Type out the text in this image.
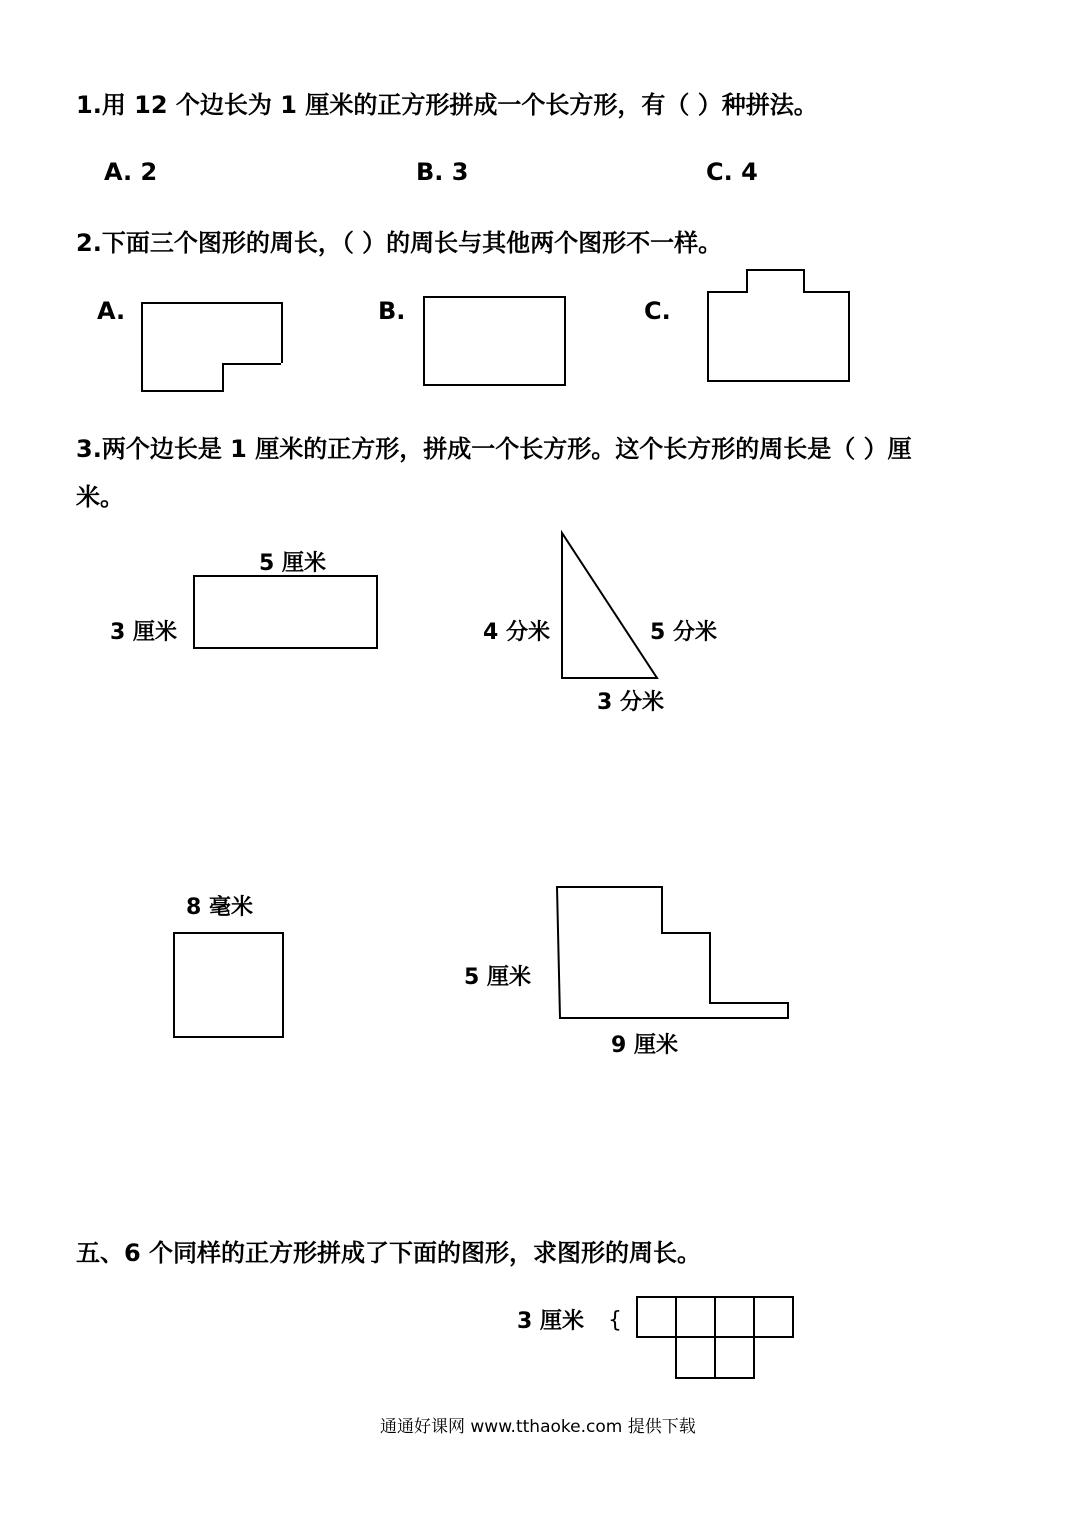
1.用 12 个边长为 1 厘米的正方形拼成一个长方形，有（ ）种拼法。
A. 2	B. 3	C. 4
2.下面三个图形的周长，（ ）的周长与其他两个图形不一样。
A.	B.	C.
3.两个边长是 1 厘米的正方形，拼成一个长方形。这个长方形的周长是（ ）厘
米。
5 厘米
3 厘米	4 分米	5 分米
3 分米
8 毫米
5 厘米
9 厘米
五、6 个同样的正方形拼成了下面的图形，求图形的周长。
3 厘米 {
通通好课网 www.tthaoke.com 提供下载
